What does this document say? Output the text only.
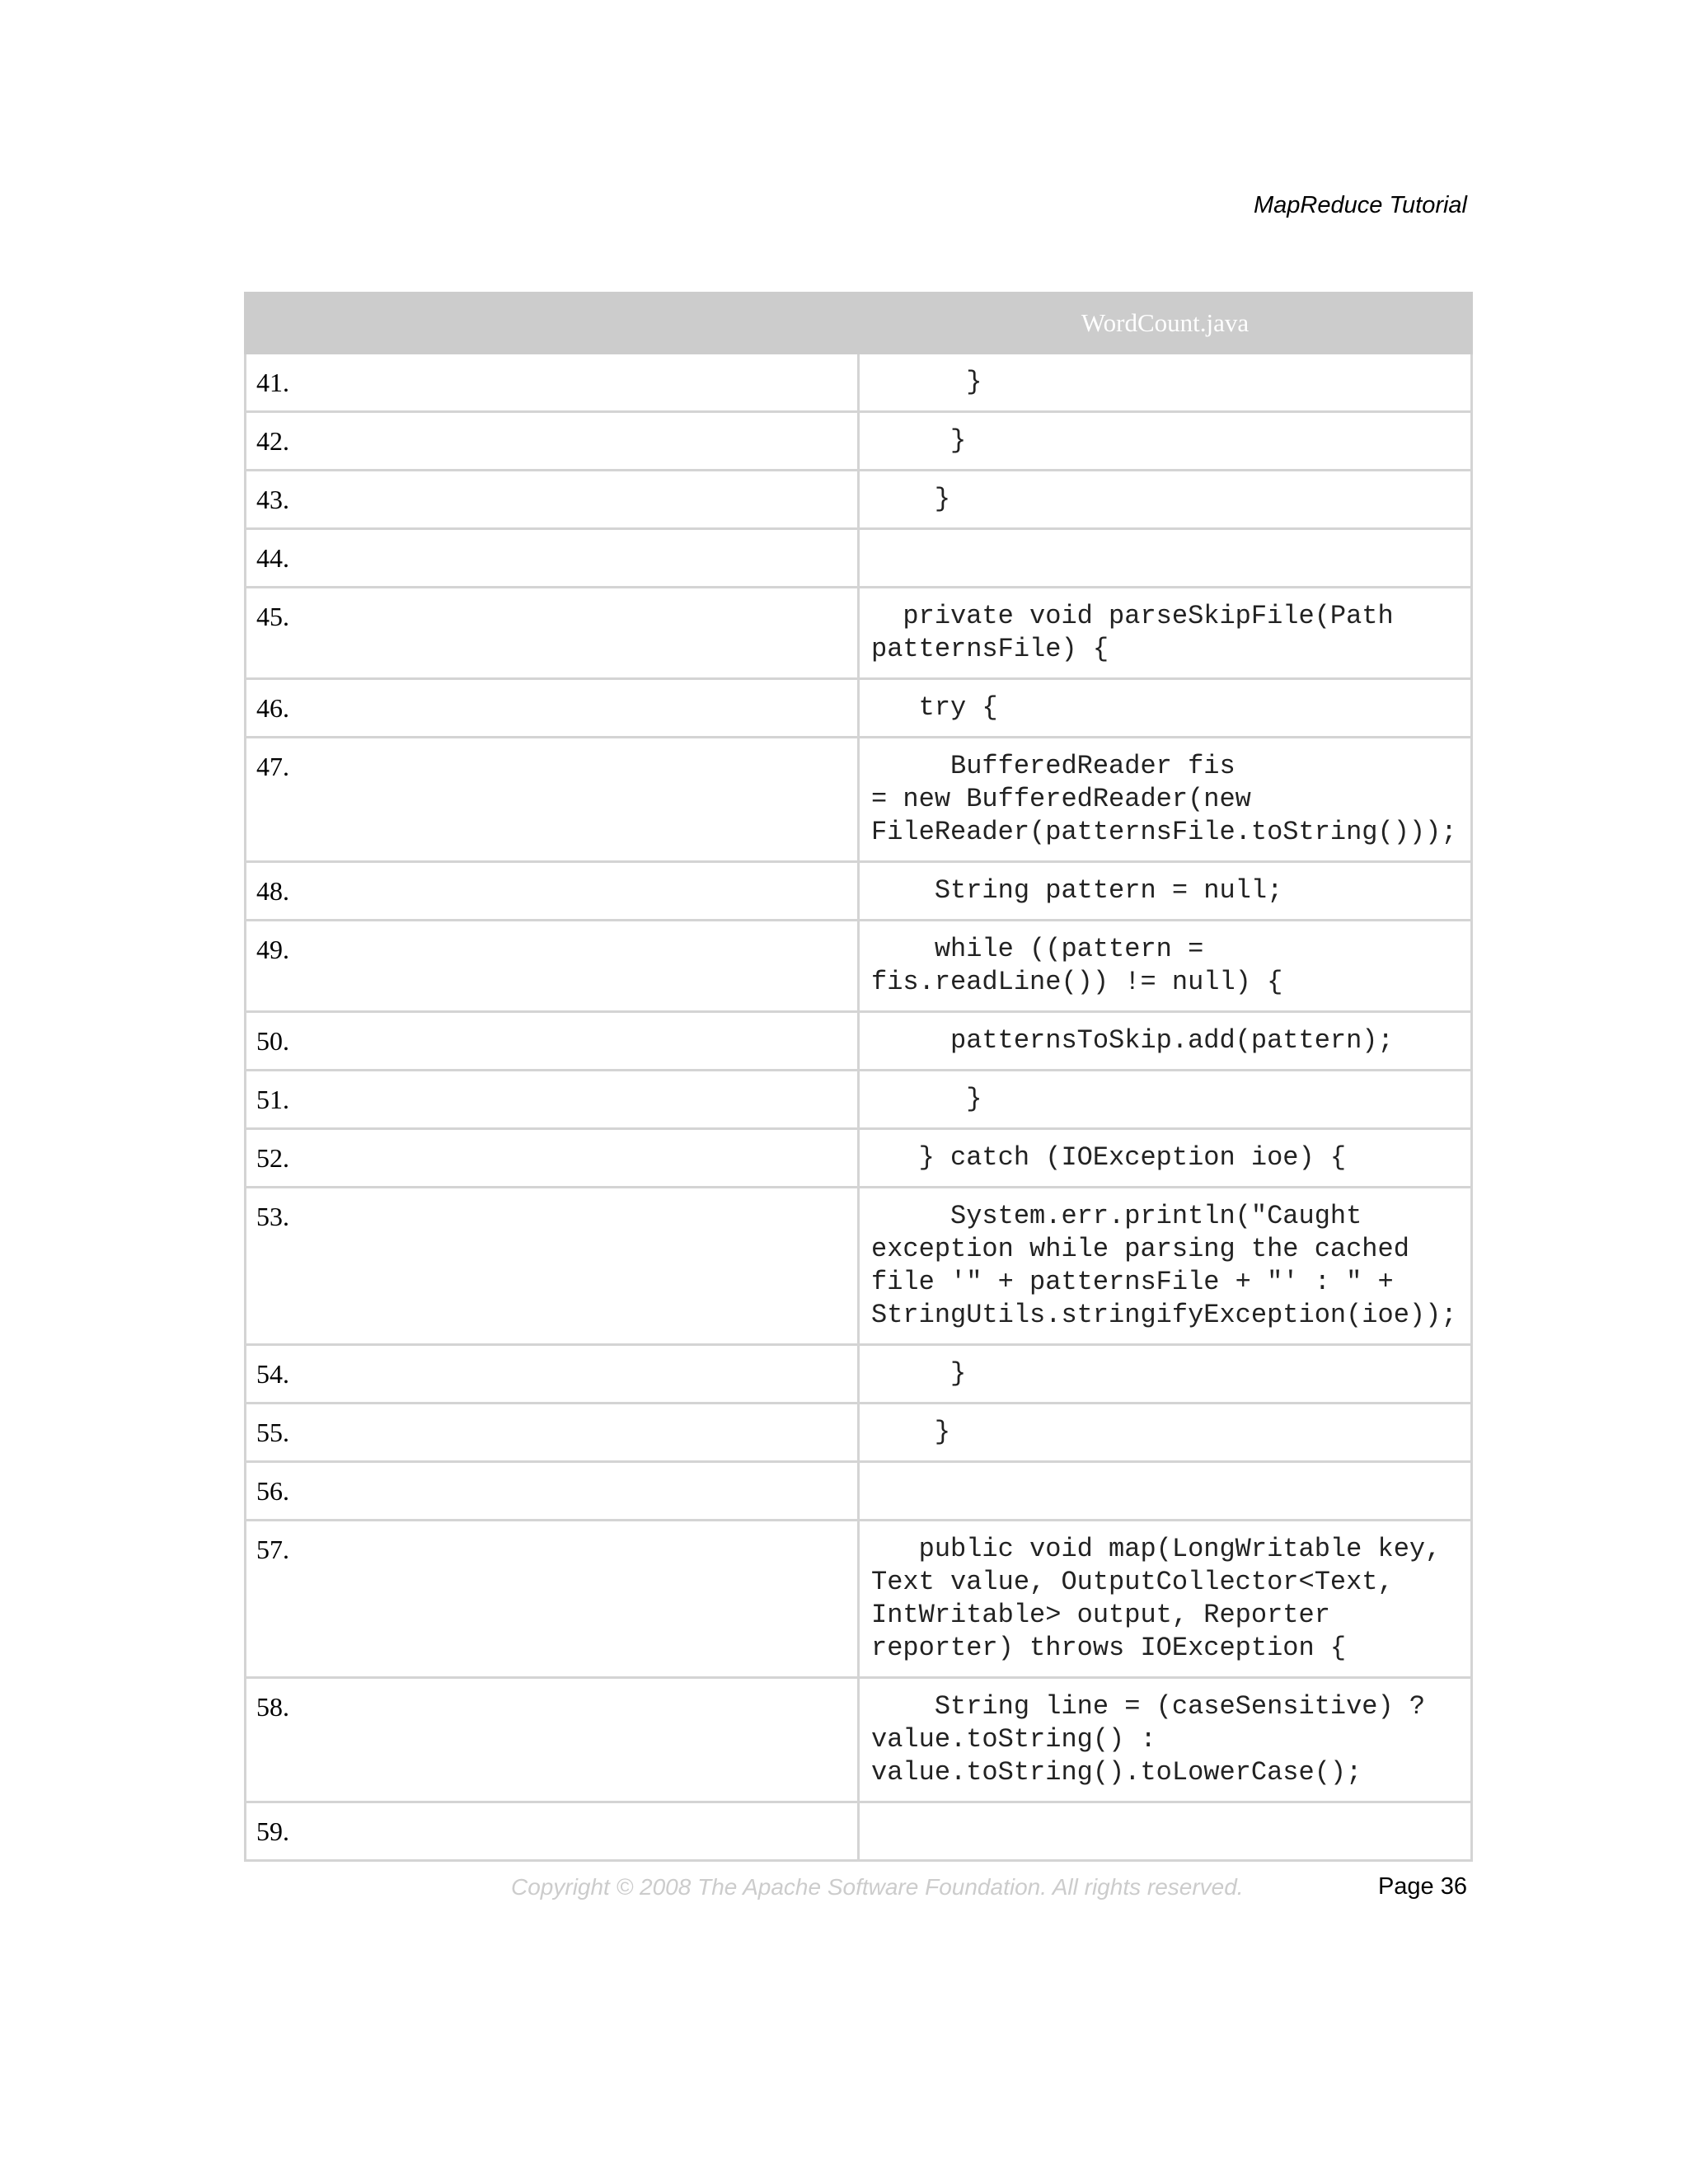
MapReduce Tutorial

	WordCount.java

41.	}
42.	}
43.	}
44.	
45.	private void parseSkipFile(Path patternsFile) {
46.	try {
47.	BufferedReader fis
= new BufferedReader(new FileReader(patternsFile.toString()));
48.	String pattern = null;
49.	while ((pattern =
fis.readLine()) != null) {
50.	patternsToSkip.add(pattern);
51.	}
52.	} catch (IOException ioe) {
53.	System.err.println("Caught exception while parsing the cached file '" + patternsFile + "' : " + StringUtils.stringifyException(ioe));
54.	}
55.	}
56.	
57.	public void map(LongWritable key, Text value, OutputCollector<Text, IntWritable> output, Reporter reporter) throws IOException {
58.	String line = (caseSensitive) ?
value.toString() :
value.toString().toLowerCase();
59.	
Copyright © 2008 The Apache Software Foundation. All rights reserved.	Page 36
